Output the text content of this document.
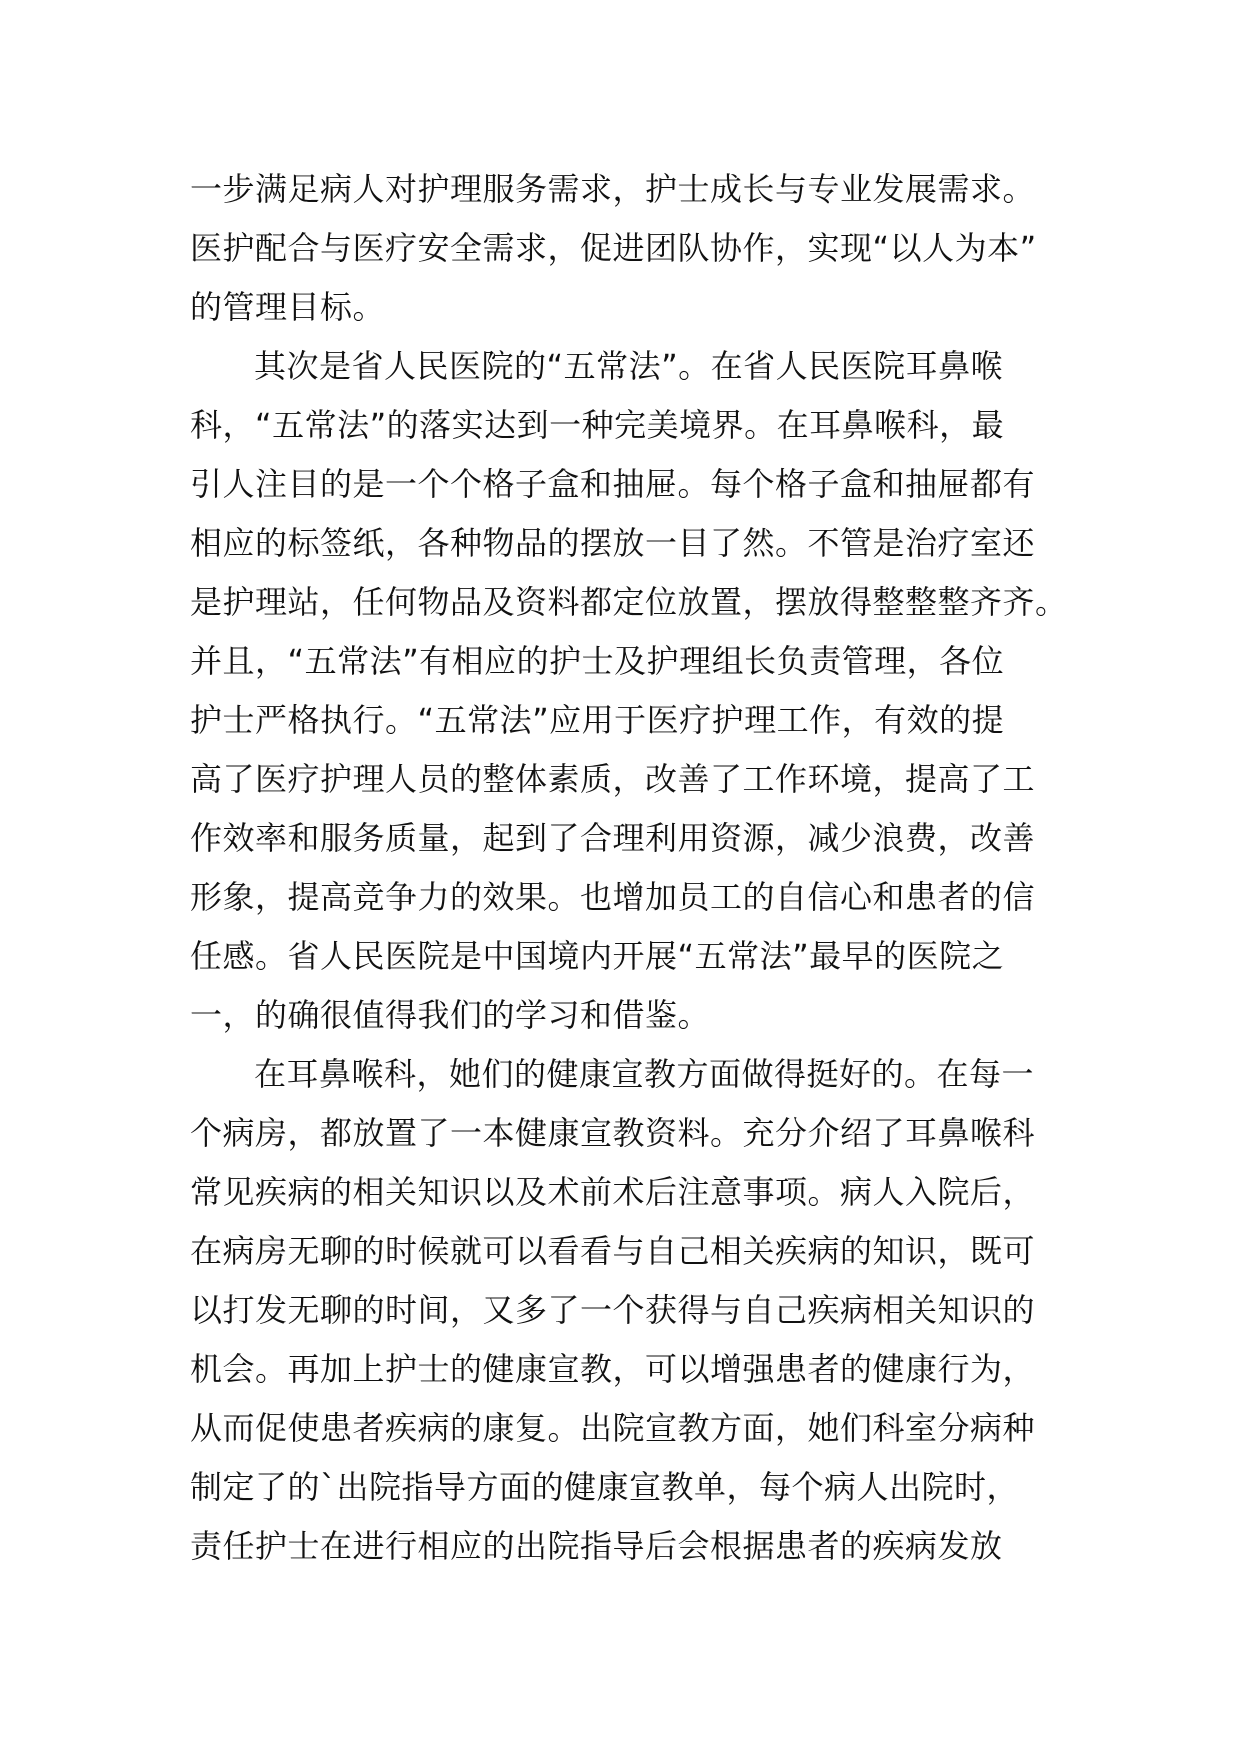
一步满足病人对护理服务需求，护士成长与专业发展需求。
医护配合与医疗安全需求，促进团队协作，实现“以人为本”
的管理目标。
其次是省人民医院的“五常法”。在省人民医院耳鼻喉
科，“五常法”的落实达到一种完美境界。在耳鼻喉科，最
引人注目的是一个个格子盒和抽屉。每个格子盒和抽屉都有
相应的标签纸，各种物品的摆放一目了然。不管是治疗室还
是护理站，任何物品及资料都定位放置，摆放得整整整齐齐。
并且，“五常法”有相应的护士及护理组长负责管理，各位
护士严格执行。“五常法”应用于医疗护理工作，有效的提
高了医疗护理人员的整体素质，改善了工作环境，提高了工
作效率和服务质量，起到了合理利用资源，减少浪费，改善
形象，提高竞争力的效果。也增加员工的自信心和患者的信
任感。省人民医院是中国境内开展“五常法”最早的医院之
一，的确很值得我们的学习和借鉴。
在耳鼻喉科，她们的健康宣教方面做得挺好的。在每一
个病房，都放置了一本健康宣教资料。充分介绍了耳鼻喉科
常见疾病的相关知识以及术前术后注意事项。病人入院后，
在病房无聊的时候就可以看看与自己相关疾病的知识，既可
以打发无聊的时间，又多了一个获得与自己疾病相关知识的
机会。再加上护士的健康宣教，可以增强患者的健康行为，
从而促使患者疾病的康复。出院宣教方面，她们科室分病种
制定了的`出院指导方面的健康宣教单，每个病人出院时，
责任护士在进行相应的出院指导后会根据患者的疾病发放
